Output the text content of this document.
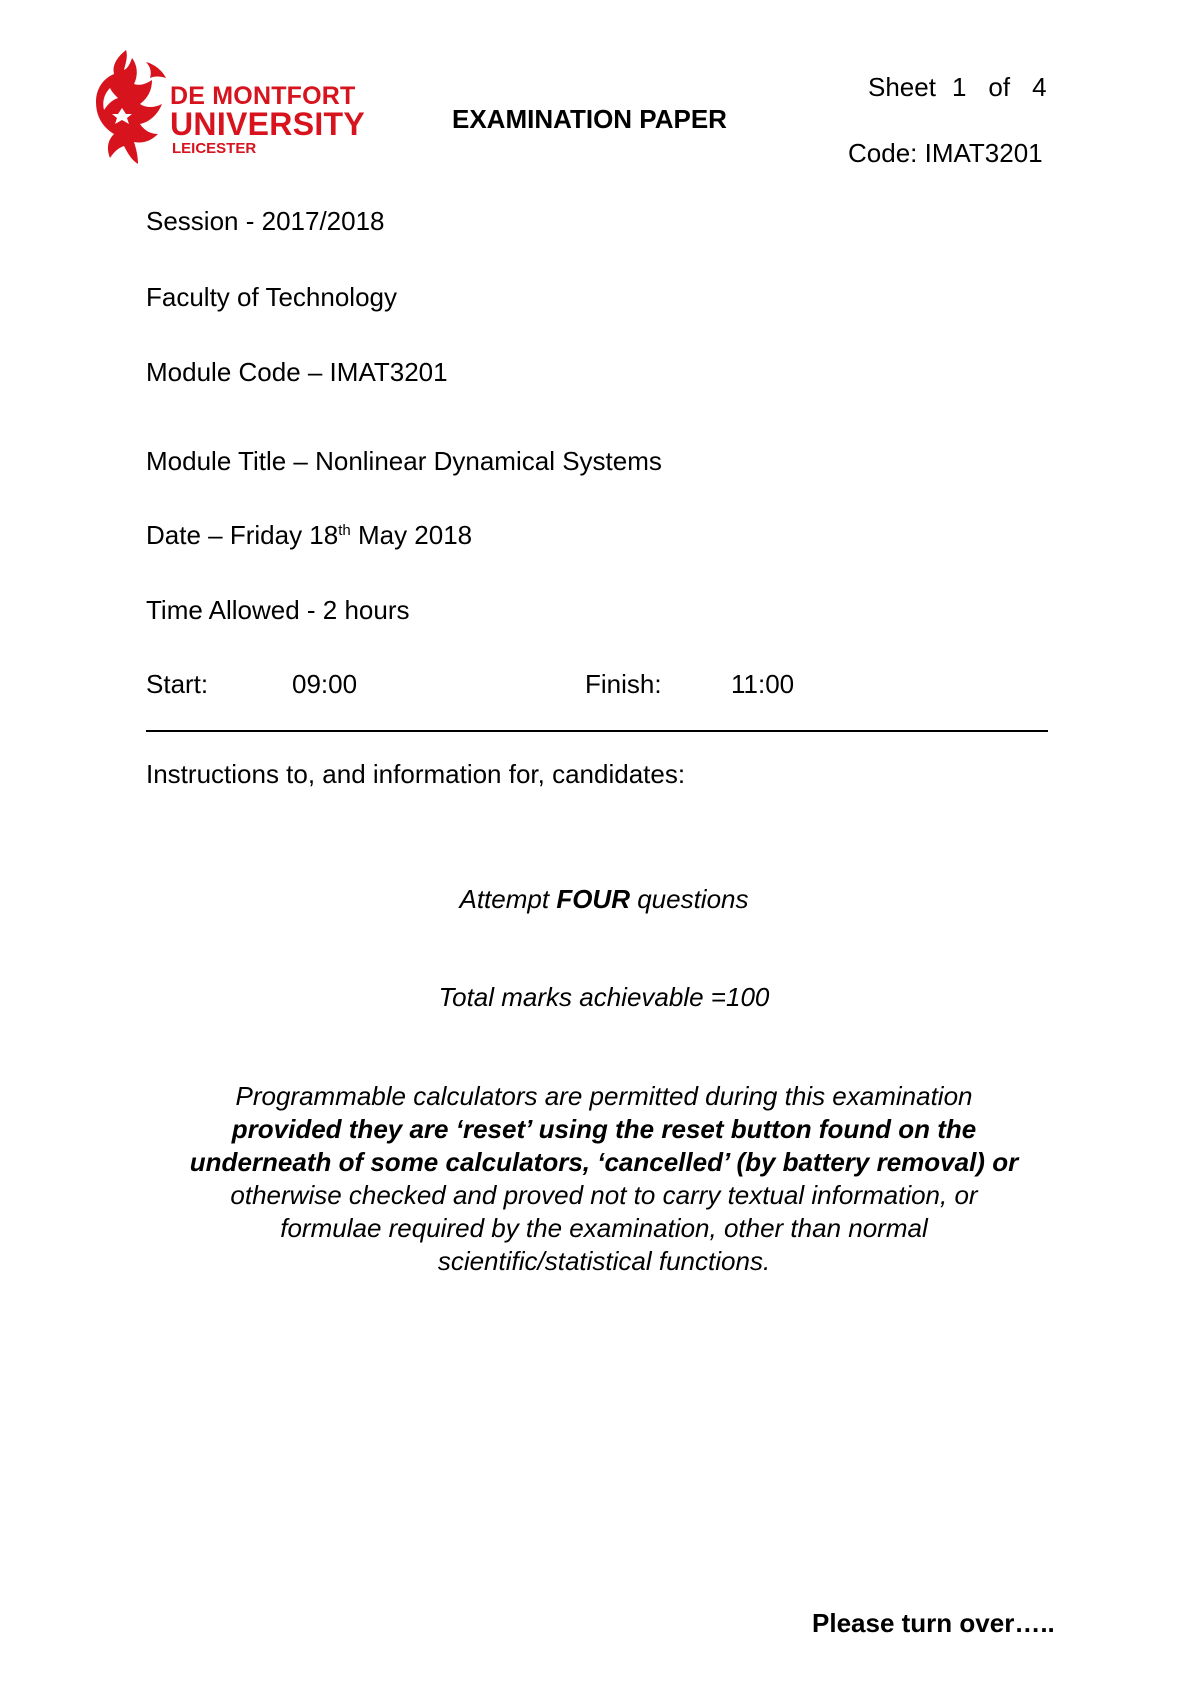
DE MONTFORT
UNIVERSITY
LEICESTER
EXAMINATION PAPER
Sheet 1 of 4
Code: IMAT3201
Session - 2017/2018
Faculty of Technology
Module Code – IMAT3201
Module Title – Nonlinear Dynamical Systems
Date – Friday 18th May 2018
Time Allowed - 2 hours
Start:	09:00	Finish:	11:00
Instructions to, and information for, candidates:
Attempt FOUR questions
Total marks achievable =100
Programmable calculators are permitted during this examination
provided they are ‘reset’ using the reset button found on the
underneath of some calculators, ‘cancelled’ (by battery removal) or
otherwise checked and proved not to carry textual information, or
formulae required by the examination, other than normal
scientific/statistical functions.
Please turn over…..
